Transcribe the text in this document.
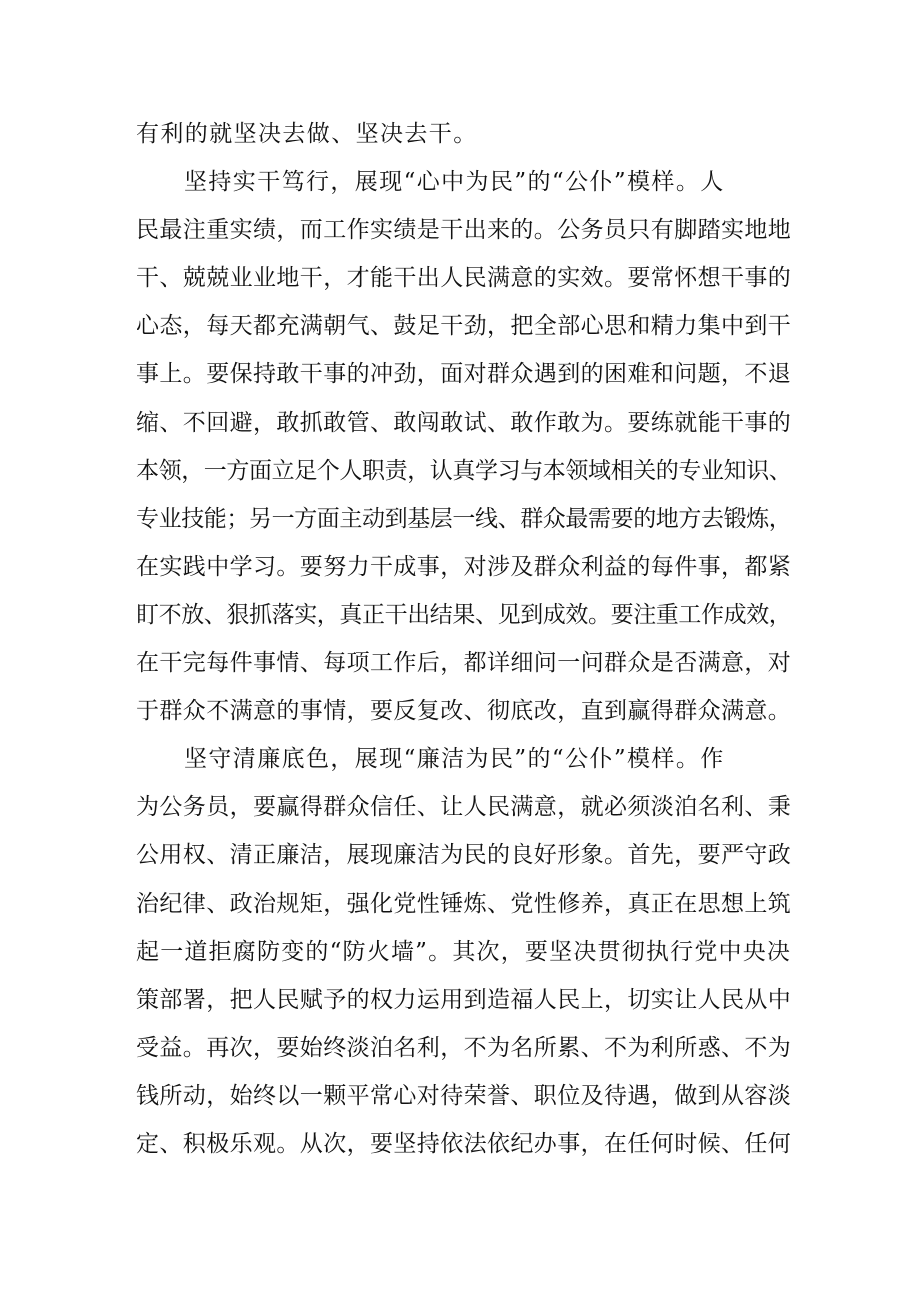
有利的就坚决去做、坚决去干。
坚持实干笃行，展现“心中为民”的“公仆”模样。人
民最注重实绩，而工作实绩是干出来的。公务员只有脚踏实地地
干、兢兢业业地干，才能干出人民满意的实效。要常怀想干事的
心态，每天都充满朝气、鼓足干劲，把全部心思和精力集中到干
事上。要保持敢干事的冲劲，面对群众遇到的困难和问题，不退
缩、不回避，敢抓敢管、敢闯敢试、敢作敢为。要练就能干事的
本领，一方面立足个人职责，认真学习与本领域相关的专业知识、
专业技能；另一方面主动到基层一线、群众最需要的地方去锻炼，
在实践中学习。要努力干成事，对涉及群众利益的每件事，都紧
盯不放、狠抓落实，真正干出结果、见到成效。要注重工作成效，
在干完每件事情、每项工作后，都详细问一问群众是否满意，对
于群众不满意的事情，要反复改、彻底改，直到赢得群众满意。
坚守清廉底色，展现“廉洁为民”的“公仆”模样。作
为公务员，要赢得群众信任、让人民满意，就必须淡泊名利、秉
公用权、清正廉洁，展现廉洁为民的良好形象。首先，要严守政
治纪律、政治规矩，强化党性锤炼、党性修养，真正在思想上筑
起一道拒腐防变的“防火墙”。其次，要坚决贯彻执行党中央决
策部署，把人民赋予的权力运用到造福人民上，切实让人民从中
受益。再次，要始终淡泊名利，不为名所累、不为利所惑、不为
钱所动，始终以一颗平常心对待荣誉、职位及待遇，做到从容淡
定、积极乐观。从次，要坚持依法依纪办事，在任何时候、任何
